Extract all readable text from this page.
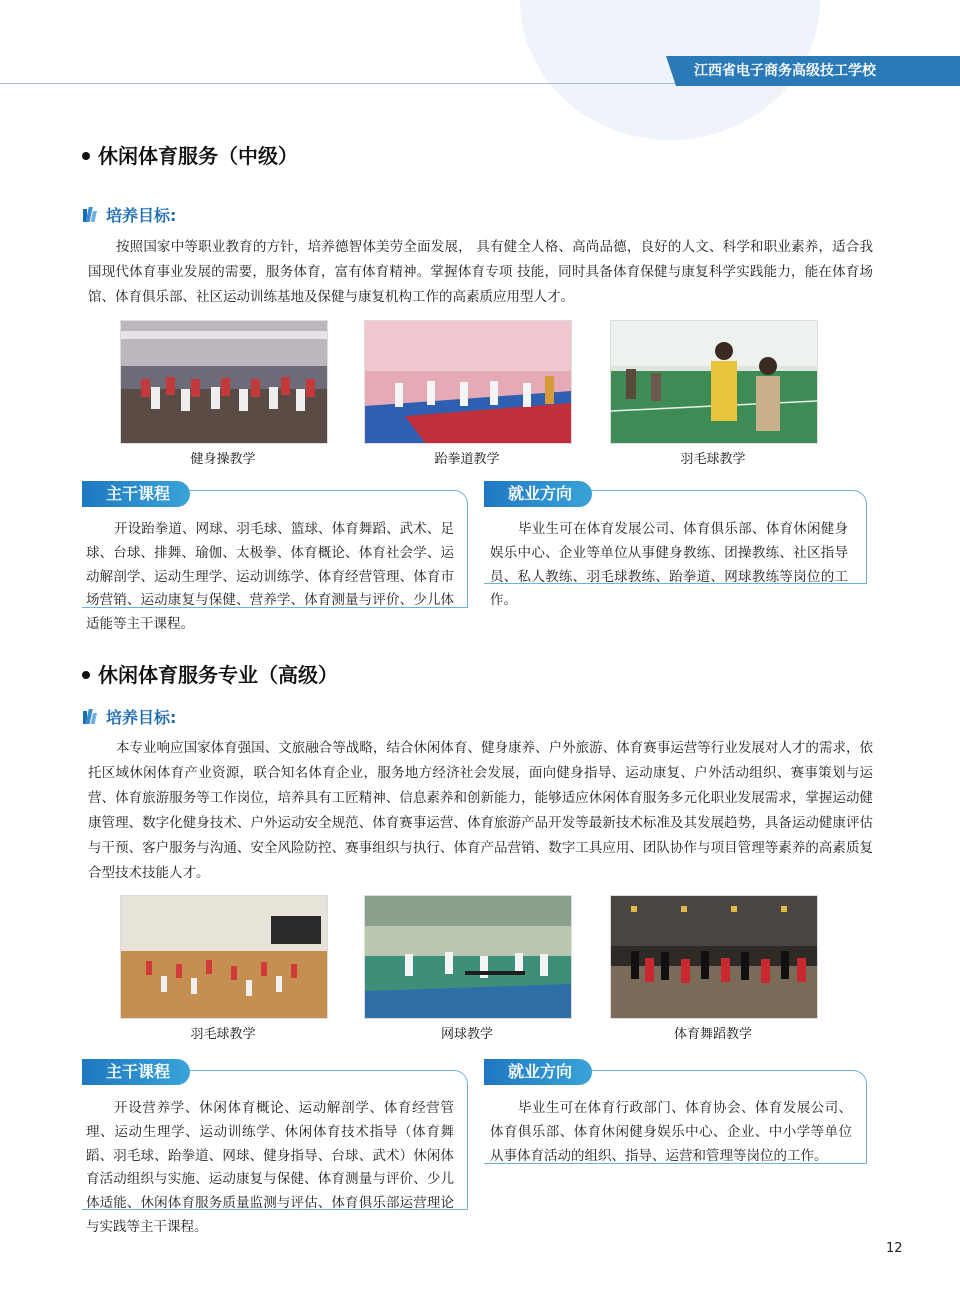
江西省电子商务高级技工学校
休闲体育服务（中级）
培养目标:

按照国家中等职业教育的方针，培养德智体美劳全面发展， 具有健全人格、高尚品德，良好的人文、科学和职业素养，适合我国现代体育事业发展的需要，服务体育，富有体育精神。掌握体育专项 技能，同时具备体育保健与康复科学实践能力，能在体育场馆、体育俱乐部、社区运动训练基地及保健与康复机构工作的高素质应用型人才。

健身操教学	跆拳道教学	羽毛球教学
主干课程

开设跆拳道、网球、羽毛球、篮球、体育舞蹈、武术、足球、台球、排舞、瑜伽、太极拳、体育概论、体育社会学、运动解剖学、运动生理学、运动训练学、体育经营管理、体育市场营销、运动康复与保健、营养学、体育测量与评价、少儿体适能等主干课程。

就业方向

毕业生可在体育发展公司、体育俱乐部、体育休闲健身娱乐中心、企业等单位从事健身教练、团操教练、社区指导员、私人教练、羽毛球教练、跆拳道、网球教练等岗位的工作。

休闲体育服务专业（高级）
培养目标:

本专业响应国家体育强国、文旅融合等战略，结合休闲体育、健身康养、户外旅游、体育赛事运营等行业发展对人才的需求，依托区域休闲体育产业资源，联合知名体育企业，服务地方经济社会发展，面向健身指导、运动康复、户外活动组织、赛事策划与运营、体育旅游服务等工作岗位，培养具有工匠精神、信息素养和创新能力，能够适应休闲体育服务多元化职业发展需求，掌握运动健康管理、数字化健身技术、户外运动安全规范、体育赛事运营、体育旅游产品开发等最新技术标准及其发展趋势，具备运动健康评估与干预、客户服务与沟通、安全风险防控、赛事组织与执行、体育产品营销、数字工具应用、团队协作与项目管理等素养的高素质复合型技术技能人才。

羽毛球教学	网球教学	体育舞蹈教学
主干课程

开设营养学、休闲体育概论、运动解剖学、体育经营管理、运动生理学、运动训练学、休闲体育技术指导（体育舞蹈、羽毛球、跆拳道、网球、健身指导、台球、武术）休闲体育活动组织与实施、运动康复与保健、体育测量与评价、少儿体适能、休闲体育服务质量监测与评估、体育俱乐部运营理论与实践等主干课程。

就业方向

毕业生可在体育行政部门、体育协会、体育发展公司、体育俱乐部、体育休闲健身娱乐中心、企业、中小学等单位从事体育活动的组织、指导、运营和管理等岗位的工作。

12
